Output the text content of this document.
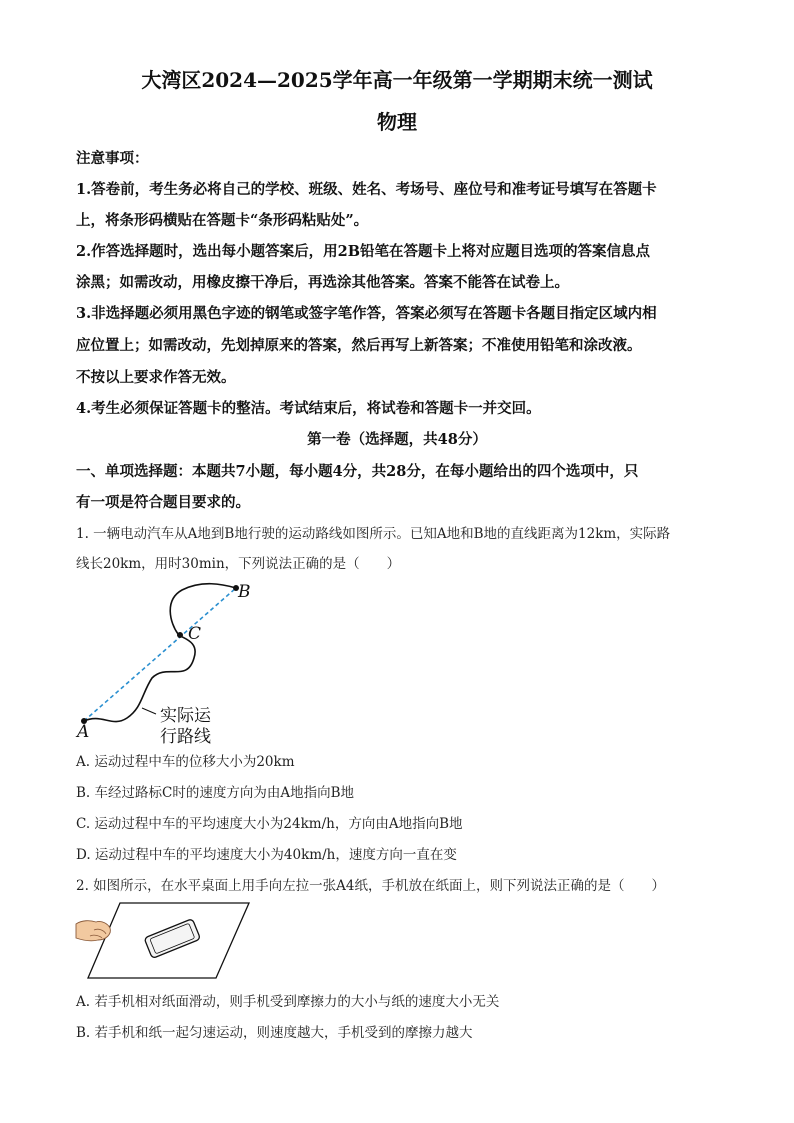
大湾区2024—2025学年高一年级第一学期期末统一测试
物理
注意事项：
1.答卷前，考生务必将自己的学校、班级、姓名、考场号、座位号和准考证号填写在答题卡
上，将条形码横贴在答题卡“条形码粘贴处”。
2.作答选择题时，选出每小题答案后，用2B铅笔在答题卡上将对应题目选项的答案信息点
涂黑；如需改动，用橡皮擦干净后，再选涂其他答案。答案不能答在试卷上。
3.非选择题必须用黑色字迹的钢笔或签字笔作答，答案必须写在答题卡各题目指定区域内相
应位置上；如需改动，先划掉原来的答案，然后再写上新答案；不准使用铅笔和涂改液。
不按以上要求作答无效。
4.考生必须保证答题卡的整洁。考试结束后，将试卷和答题卡一并交回。
第一卷（选择题，共48分）
一、单项选择题：本题共7小题，每小题4分，共28分，在每小题给出的四个选项中，只
有一项是符合题目要求的。
1. 一辆电动汽车从A地到B地行驶的运动路线如图所示。已知A地和B地的直线距离为12km，实际路
线长20km，用时30min，下列说法正确的是（　　）
B
C
A
实际运
行路线
A. 运动过程中车的位移大小为20km
B. 车经过路标C时的速度方向为由A地指向B地
C. 运动过程中车的平均速度大小为24km/h，方向由A地指向B地
D. 运动过程中车的平均速度大小为40km/h，速度方向一直在变
2. 如图所示，在水平桌面上用手向左拉一张A4纸，手机放在纸面上，则下列说法正确的是（　　）
A. 若手机相对纸面滑动，则手机受到摩擦力的大小与纸的速度大小无关
B. 若手机和纸一起匀速运动，则速度越大，手机受到的摩擦力越大
